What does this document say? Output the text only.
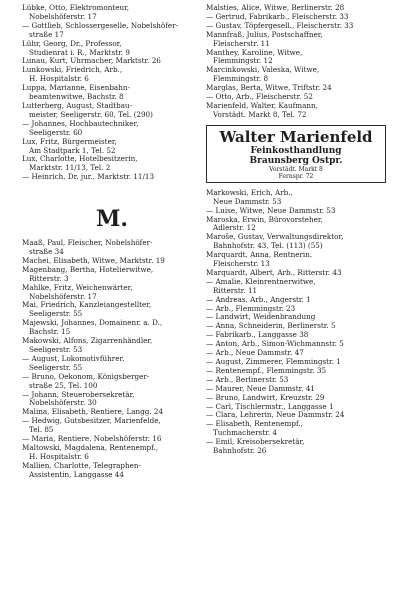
Lübke, Otto, Elektromonteur,
Nobelshöferstr. 17
— Gottlieb, Schlossergeselle, Nobelshöfer-
straße 17
Lühr, Georg, Dr., Professor,
Studienrat i. R., Marktstr. 9
Lunau, Kurt, Uhrmacher, Marktstr. 26
Lunkowski, Friedrich, Arb.,
H. Hospitalstr. 6
Luppa, Marianne, Eisenbahn-
beamtenwitwe, Bachstr. 8
Lutterberg, August, Stadtbau-
meister, Seeligerstr. 60, Tel. (290)
— Johannes, Hochbautechniker,
Seeligerstr. 60
Lux, Fritz, Bürgermeister,
Am Stadtpark 1, Tel. 52
Lux, Charlotte, Hotelbesitzerin,
Marktstr. 11/13, Tel. 2
— Heinrich, Dr. jur., Marktstr. 11/13
M.
Maaß, Paul, Fleischer, Nobelshöfer-
straße 34
Machei, Elisabeth, Witwe, Marktstr. 19
Magenbang, Bertha, Hotelierwitwe,
Ritterstr. 3
Mahlke, Fritz, Weichenwärter,
Nobelshöferstr. 17
Mai, Friedrich, Kanzleiangestellter,
Seeligerstr. 55
Majewski, Johannes, Domainenr. a. D.,
Bachstr. 15
Makowski, Alfons, Zigarrenhändler,
Seeligerstr. 53
— August, Lokomotivführer,
Seeligerstr. 55
— Bruno, Oekonom, Königsberger-
straße 25, Tel. 100
— Johann, Steuerobersekretär,
Nobelshöferstr. 30
Malina, Elisabeth, Rentiere, Langg. 24
— Hedwig, Gutsbesitzer, Marienfelde,
Tel. 85
— Maria, Rentiere, Nobelshöferstr. 16
Maltowski, Magdalena, Rentenempf.,
H. Hospitalstr. 6
Mallien, Charlotte, Telegraphen-
Assistentin, Langgasse 44
Malsties, Alice, Witwe, Berlinerstr. 28
— Gertrud, Fabrikarb., Fleischerstr. 33
— Gustav, Töpfergesell., Fleischerstr. 33
Mannfraß, Julius, Postschaffner,
Fleischerstr. 11
Manthey, Karoline, Witwe,
Flemmingstr. 12
Marcinkowski, Valeska, Witwe,
Flemmingstr. 8
Marglas, Berta, Witwe, Triftstr. 24
— Otto, Arb., Fleischerstr. 52
Marienfeld, Walter, Kaufmann,
Vorstädt. Markt 8, Tel. 72
Walter Marienfeld
Feinkosthandlung
Braunsberg Ostpr.
Vorstädt. Markt 8
Fernspr. 72
Markowski, Erich, Arb.,
Neue Dammstr. 53
— Luise, Witwe, Neue Dammstr. 53
Maroska, Erwin, Bürovorsteher,
Adlerstr. 12
Maroše, Gustav, Verwaltungsdirektor,
Bahnhofstr. 43, Tel. (113) (55)
Marquardt, Anna, Rentnerin,
Fleischerstr. 13
Marquardt, Albert, Arb., Ritterstr. 43
— Amalie, Kleinrentnerwitwe,
Ritterstr. 11
— Andreas, Arb., Angerstr. 1
— Arb., Flemmingstr. 23
— Landwirt, Weidenbrandung
— Anna, Schneiderin, Berlinerstr. 5
— Fabrikarb., Langgasse 38
— Anton, Arb., Simon-Wichmannstr. 5
— Arb., Neue Dammstr. 47
— August, Zimmerer, Flemmingstr. 1
— Rentenempf., Flemmingstr. 35
— Arb., Berlinerstr. 53
— Maurer, Neue Dammstr. 41
— Bruno, Landwirt, Kreuzstr. 29
— Carl, Tischlermstr., Langgasse 1
— Clara, Lehrerin, Neue Dammstr. 24
— Elisabeth, Rentenempf.,
Tuchmacherstr. 4
— Emil, Kreisobersekretär,
Bahnhofstr. 26
